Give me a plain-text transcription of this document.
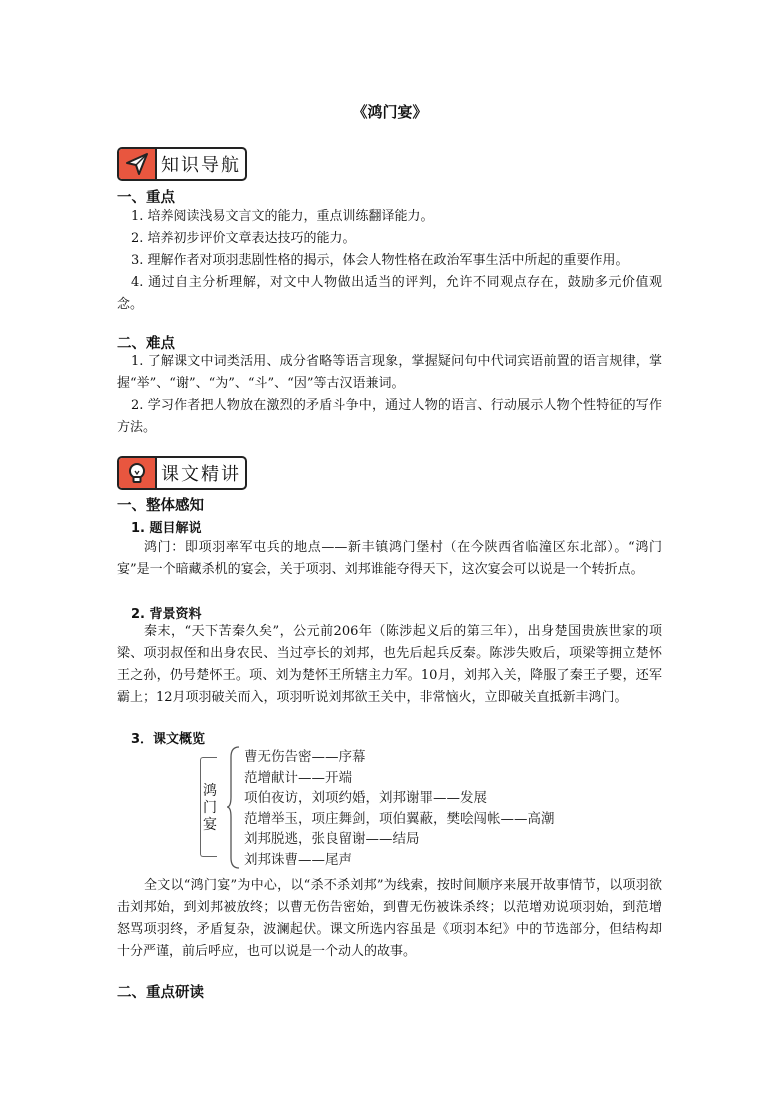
《鸿门宴》
知识导航
一、重点
1. 培养阅读浅易文言文的能力，重点训练翻译能力。
2. 培养初步评价文章表达技巧的能力。
3. 理解作者对项羽悲剧性格的揭示，体会人物性格在政治军事生活中所起的重要作用。
4. 通过自主分析理解，对文中人物做出适当的评判，允许不同观点存在，鼓励多元价值观念。
二、难点
1. 了解课文中词类活用、成分省略等语言现象，掌握疑问句中代词宾语前置的语言规律，掌握“举”、“谢”、“为”、“斗”、“因”等古汉语兼词。
2. 学习作者把人物放在激烈的矛盾斗争中，通过人物的语言、行动展示人物个性特征的写作方法。
课文精讲
一、整体感知
1. 题目解说
鸿门：即项羽率军屯兵的地点——新丰镇鸿门堡村（在今陕西省临潼区东北部）。“鸿门宴”是一个暗藏杀机的宴会，关于项羽、刘邦谁能夺得天下，这次宴会可以说是一个转折点。
2. 背景资料
秦末，“天下苦秦久矣”，公元前206年（陈涉起义后的第三年），出身楚国贵族世家的项梁、项羽叔侄和出身农民、当过亭长的刘邦，也先后起兵反秦。陈涉失败后，项梁等拥立楚怀王之孙，仍号楚怀王。项、刘为楚怀王所辖主力军。10月，刘邦入关，降服了秦王子婴，还军霸上；12月项羽破关而入，项羽听说刘邦欲王关中，非常恼火，立即破关直抵新丰鸿门。
3．课文概览
鸿门宴
曹无伤告密——序幕
范增献计——开端
项伯夜访，刘项约婚，刘邦谢罪——发展
范增举玉，项庄舞剑，项伯翼蔽，樊哙闯帐——高潮
刘邦脱逃，张良留谢——结局
刘邦诛曹——尾声
全文以“鸿门宴”为中心，以“杀不杀刘邦”为线索，按时间顺序来展开故事情节，以项羽欲击刘邦始，到刘邦被放终；以曹无伤告密始，到曹无伤被诛杀终；以范增劝说项羽始，到范增怒骂项羽终，矛盾复杂，波澜起伏。课文所选内容虽是《项羽本纪》中的节选部分，但结构却十分严谨，前后呼应，也可以说是一个动人的故事。
二、重点研读
